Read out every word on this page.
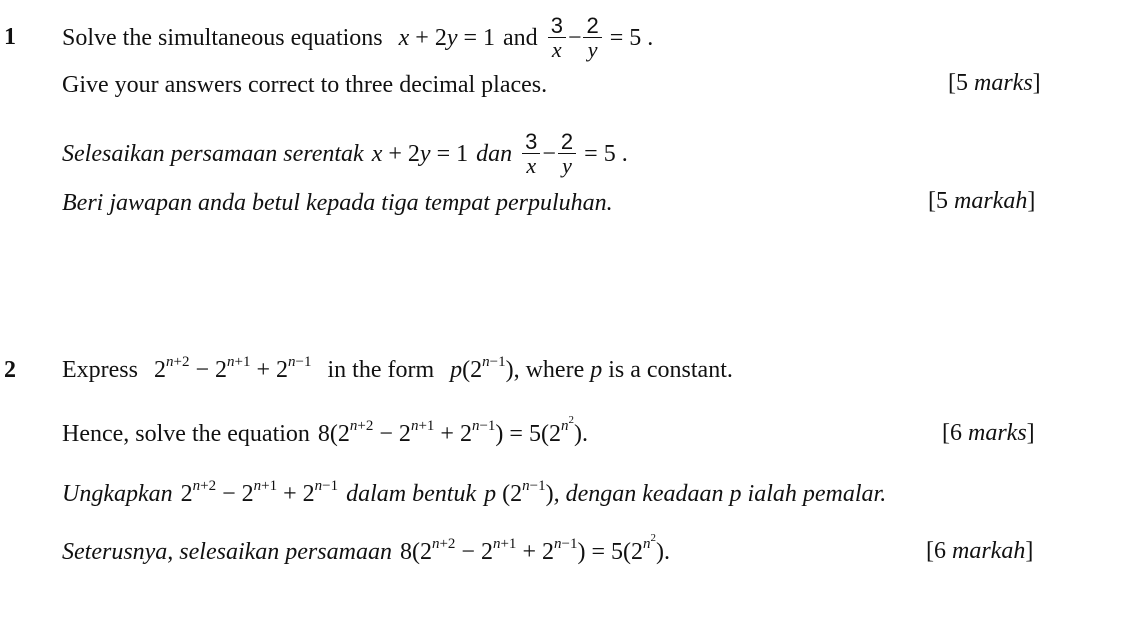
1 Solve the simultaneous equations x + 2y = 1 and $\frac{3}{x} - \frac{2}{y} = 5$ .
Give your answers correct to three decimal places.	[5 marks]
Selesaikan persamaan serentak x + 2y = 1 dan $\frac{3}{x} - \frac{2}{y} = 5$ .
Beri jawapan anda betul kepada tiga tempat perpuluhan.	[5 markah]
2 Express $2^{n+2} - 2^{n+1} + 2^{n-1}$ in the form $p(2^{n-1})$ , where p is a constant.
Hence, solve the equation $8(2^{n+2} - 2^{n+1} + 2^{n-1}) = 5(2^{n^2})$.	[6 marks]
Ungkapkan $2^{n+2} - 2^{n+1} + 2^{n-1}$ dalam bentuk p $(2^{n-1})$ , dengan keadaan p ialah pemalar.
Seterusnya, selesaikan persamaan $8(2^{n+2} - 2^{n+1} + 2^{n-1}) = 5(2^{n^2})$.	[6 markah]
